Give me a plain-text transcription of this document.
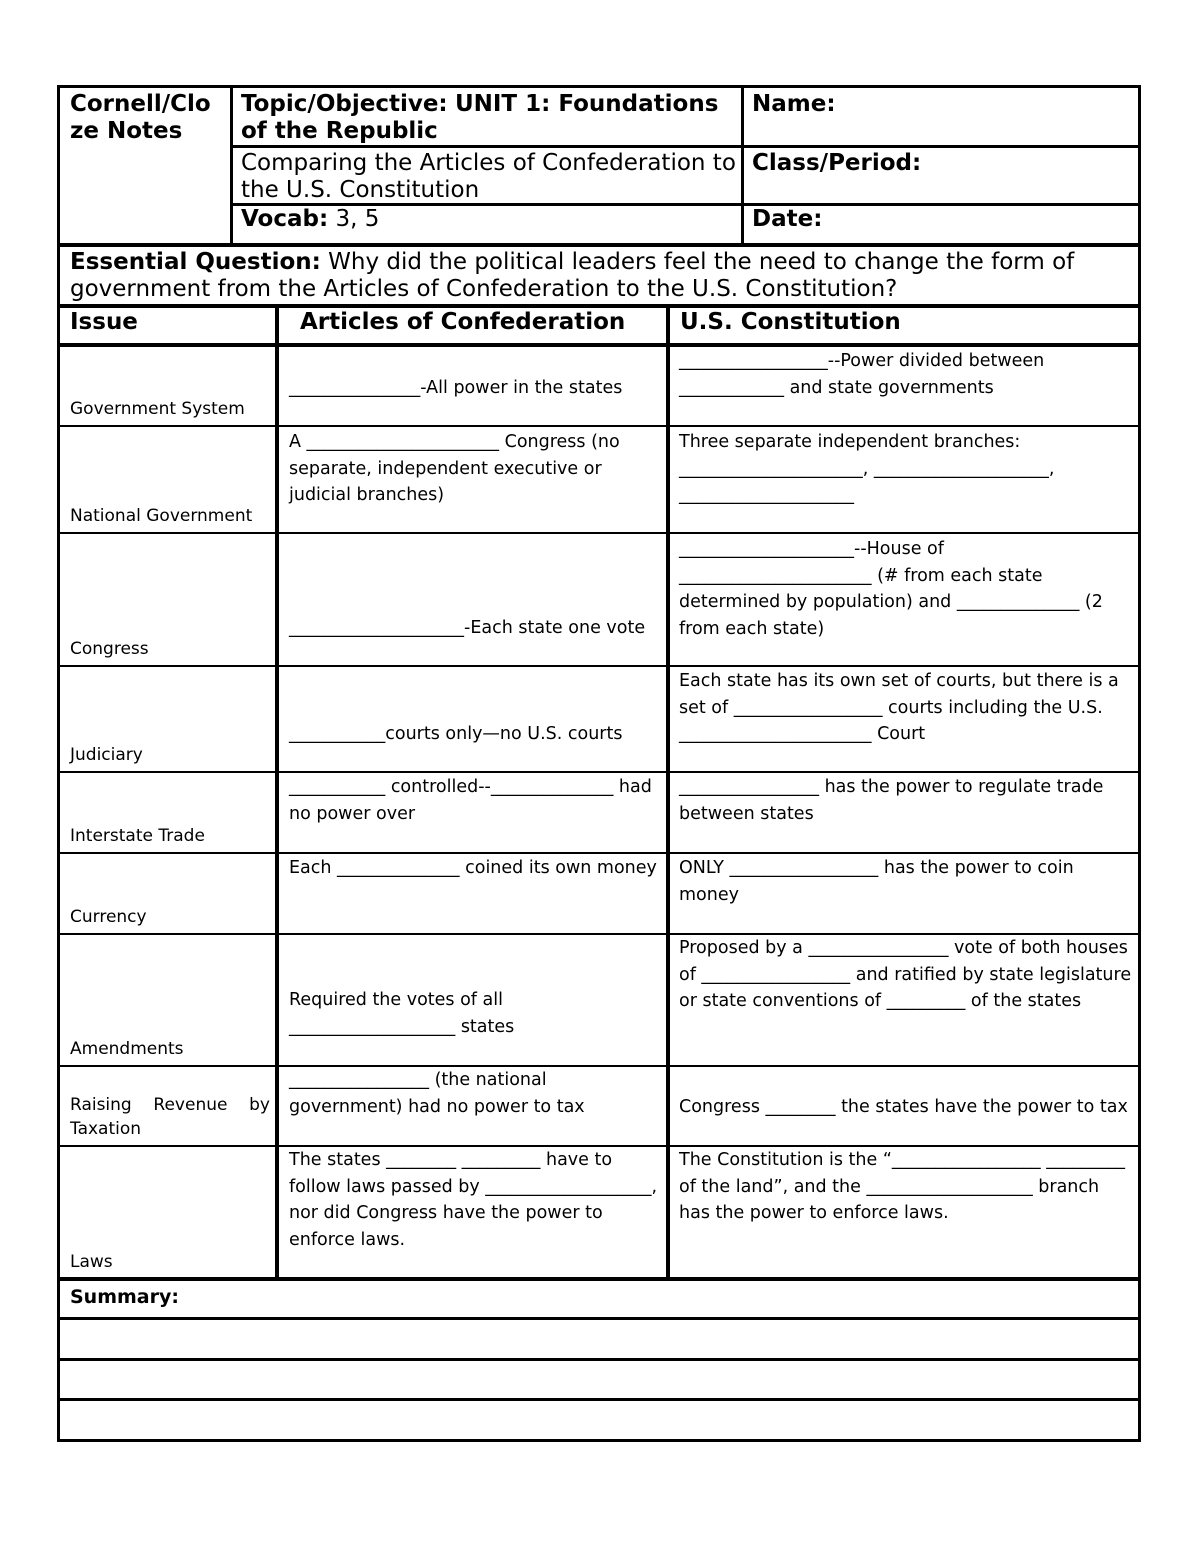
Cornell/Clo ze Notes
Topic/Objective: UNIT 1: Foundations of the Republic
Comparing the Articles of Confederation to the U.S. Constitution
Vocab: 3, 5
Name:
Class/Period:
Date:
Essential Question: Why did the political leaders feel the need to change the form of government from the Articles of Confederation to the U.S. Constitution?
Issue	Articles of Confederation U.S. Constitution
Government System
_______________-All power in the states
_________________--Power divided between ____________ and state governments
National Government
A ______________________ Congress (no separate, independent executive or judicial branches)
Three separate independent branches: _____________________, ____________________, ____________________
Congress
____________________-Each state one vote
____________________--House of ______________________ (# from each state determined by population) and ______________ (2 from each state)
Judiciary
___________courts only—no U.S. courts
Each state has its own set of courts, but there is a set of _________________ courts including the U.S. ______________________ Court
Interstate Trade
___________ controlled--______________ had no power over
________________ has the power to regulate trade between states
Currency
Each ______________ coined its own money ONLY _________________ has the power to coin money
Amendments
Required the votes of all ___________________ states
Proposed by a ________________ vote of both houses of _________________ and ratified by state legislature or state conventions of _________ of the states
Raising Revenue by Taxation
________________ (the national government) had no power to tax	Congress ________ the states have the power to tax
Laws
The states ________ _________ have to follow laws passed by ___________________, nor did Congress have the power to enforce laws.
The Constitution is the “_________________ _________ of the land”, and the ___________________ branch has the power to enforce laws.
Summary:
